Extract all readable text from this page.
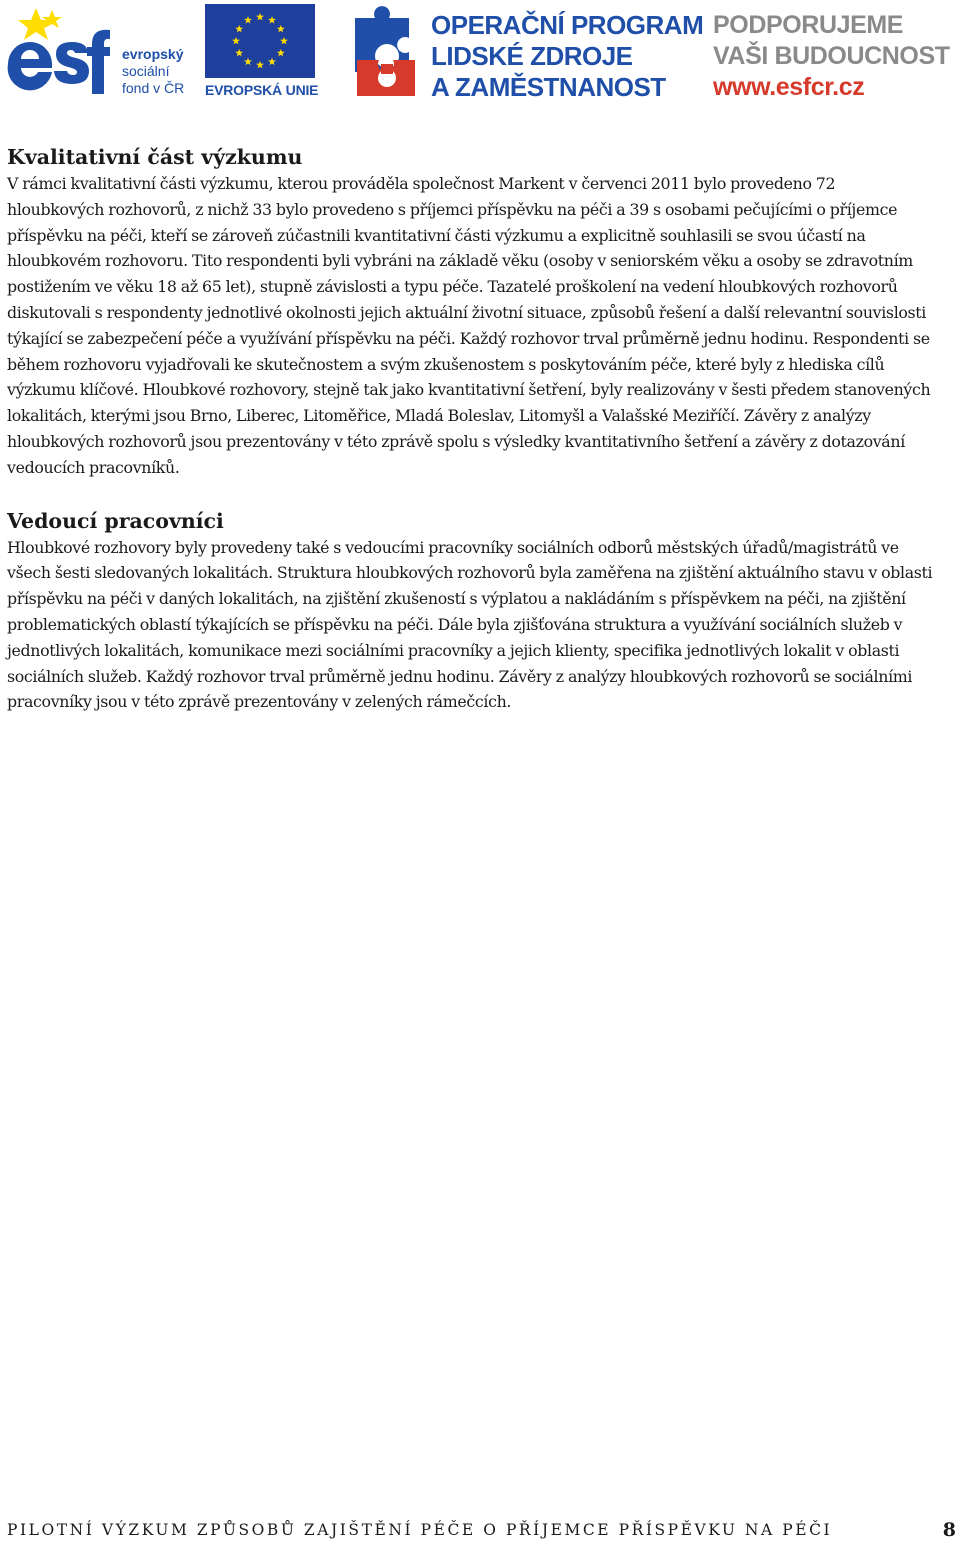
evropský
sociální
fond v ČR EVROPSKÁ UNIE
OPERAČNÍ PROGRAM
LIDSKÉ ZDROJE
A ZAMĚSTNANOST
PODPORUJEME
VAŠI BUDOUCNOST
www.esfcr.cz
Kvalitativní část výzkumu

V rámci kvalitativní části výzkumu, kterou prováděla společnost Markent v červenci 2011 bylo provedeno 72 hloubkových rozhovorů, z nichž 33 bylo provedeno s příjemci příspěvku na péči a 39 s osobami pečujícími o příjemce příspěvku na péči, kteří se zároveň zúčastnili kvantitativní části výzkumu a explicitně souhlasili se svou účastí na hloubkovém rozhovoru. Tito respondenti byli vybráni na základě věku (osoby v seniorském věku a osoby se zdravotním postižením ve věku 18 až 65 let), stupně závislosti a typu péče. Tazatelé proškolení na vedení hloubkových rozhovorů diskutovali s respondenty jednotlivé okolnosti jejich aktuální životní situace, způsobů řešení a další relevantní souvislosti týkající se zabezpečení péče a využívání příspěvku na péči. Každý rozhovor trval průměrně jednu hodinu. Respondenti se během rozhovoru vyjadřovali ke skutečnostem a svým zkušenostem s poskytováním péče, které byly z hlediska cílů výzkumu klíčové. Hloubkové rozhovory, stejně tak jako kvantitativní šetření, byly realizovány v šesti předem stanovených lokalitách, kterými jsou Brno, Liberec, Litoměřice, Mladá Boleslav, Litomyšl a Valašské Meziříčí. Závěry z analýzy hloubkových rozhovorů jsou prezentovány v této zprávě spolu s výsledky kvantitativního šetření a závěry z dotazování vedoucích pracovníků.

Vedoucí pracovníci

Hloubkové rozhovory byly provedeny také s vedoucími pracovníky sociálních odborů městských úřadů/magistrátů ve všech šesti sledovaných lokalitách. Struktura hloubkových rozhovorů byla zaměřena na zjištění aktuálního stavu v oblasti příspěvku na péči v daných lokalitách, na zjištění zkušeností s výplatou a nakládáním s příspěvkem na péči, na zjištění problematických oblastí týkajících se příspěvku na péči. Dále byla zjišťována struktura a využívání sociálních služeb v jednotlivých lokalitách, komunikace mezi sociálními pracovníky a jejich klienty, specifika jednotlivých lokalit v oblasti sociálních služeb. Každý rozhovor trval průměrně jednu hodinu. Závěry z analýzy hloubkových rozhovorů se sociálními pracovníky jsou v této zprávě prezentovány v zelených rámečcích.

PILOTNÍ VÝZKUM ZPŮSOBŮ ZAJIŠTĚNÍ PÉČE O PŘÍJEMCE PŘÍSPĚVKU NA PÉČI	8
